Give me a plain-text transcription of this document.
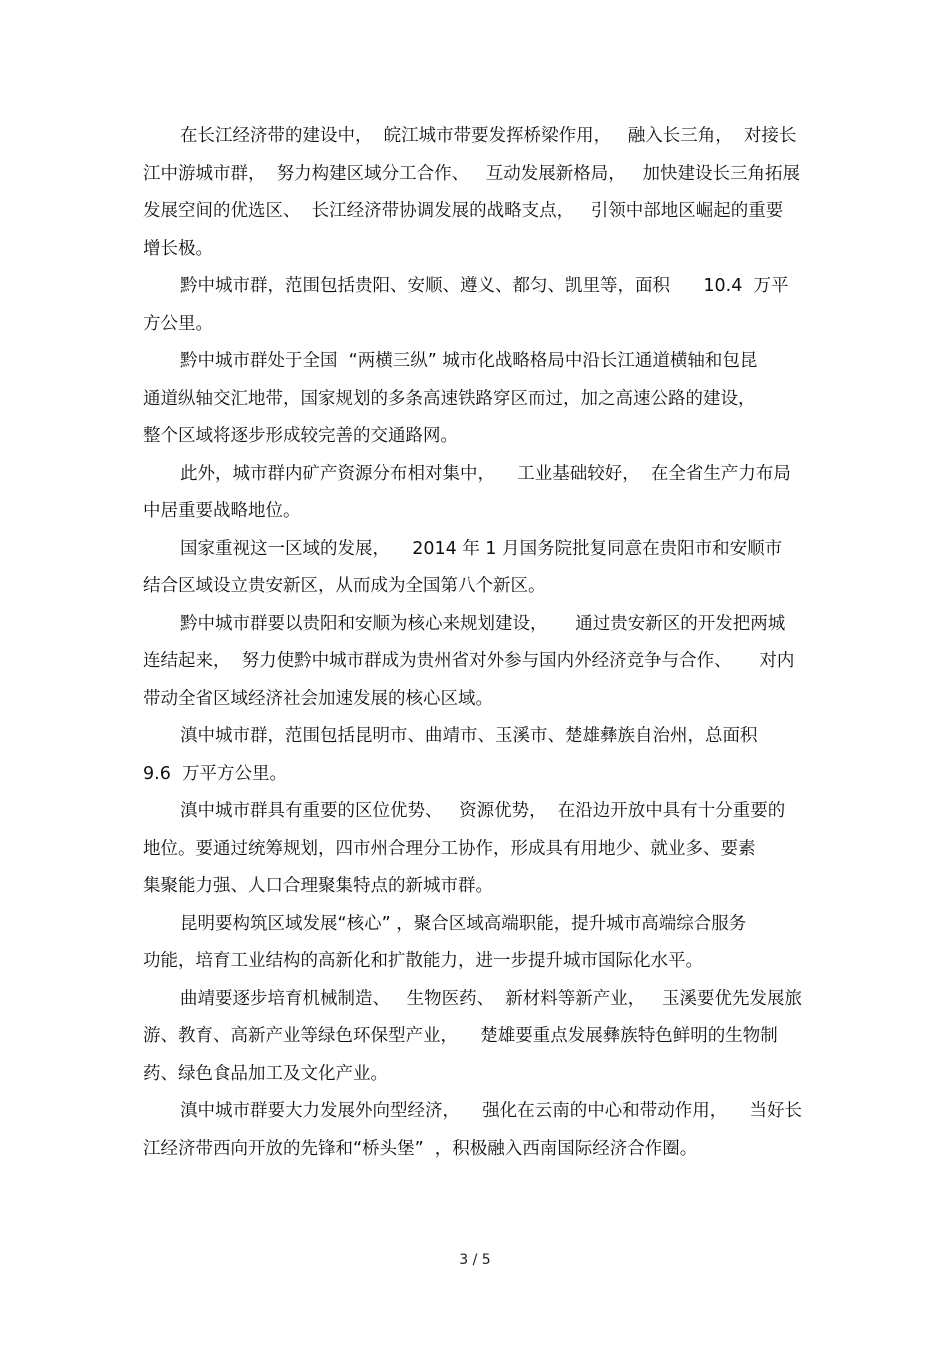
在长江经济带的建设中，  皖江城市带要发挥桥梁作用，   融入长三角，  对接长
江中游城市群，  努力构建区域分工合作、   互动发展新格局，   加快建设长三角拓展
发展空间的优选区、  长江经济带协调发展的战略支点，   引领中部地区崛起的重要
增长极。
黔中城市群，范围包括贵阳、安顺、遵义、都匀、凯里等，面积      10.4  万平
方公里。
黔中城市群处于全国  “两横三纵” 城市化战略格局中沿长江通道横轴和包昆
通道纵轴交汇地带，国家规划的多条高速铁路穿区而过，加之高速公路的建设，
整个区域将逐步形成较完善的交通路网。
此外，城市群内矿产资源分布相对集中，    工业基础较好，  在全省生产力布局
中居重要战略地位。
国家重视这一区域的发展，    2014 年 1 月国务院批复同意在贵阳市和安顺市
结合区域设立贵安新区，从而成为全国第八个新区。
黔中城市群要以贵阳和安顺为核心来规划建设，     通过贵安新区的开发把两城
连结起来，  努力使黔中城市群成为贵州省对外参与国内外经济竞争与合作、     对内
带动全省区域经济社会加速发展的核心区域。
滇中城市群，范围包括昆明市、曲靖市、玉溪市、楚雄彝族自治州，总面积
9.6  万平方公里。
滇中城市群具有重要的区位优势、   资源优势，  在沿边开放中具有十分重要的
地位。要通过统筹规划，四市州合理分工协作，形成具有用地少、就业多、要素
集聚能力强、人口合理聚集特点的新城市群。
昆明要构筑区域发展“核心” ，聚合区域高端职能，提升城市高端综合服务
功能，培育工业结构的高新化和扩散能力，进一步提升城市国际化水平。
曲靖要逐步培育机械制造、   生物医药、  新材料等新产业，   玉溪要优先发展旅
游、教育、高新产业等绿色环保型产业，    楚雄要重点发展彝族特色鲜明的生物制
药、绿色食品加工及文化产业。
滇中城市群要大力发展外向型经济，    强化在云南的中心和带动作用，    当好长
江经济带西向开放的先锋和“桥头堡”  ，积极融入西南国际经济合作圈。
3 / 5
